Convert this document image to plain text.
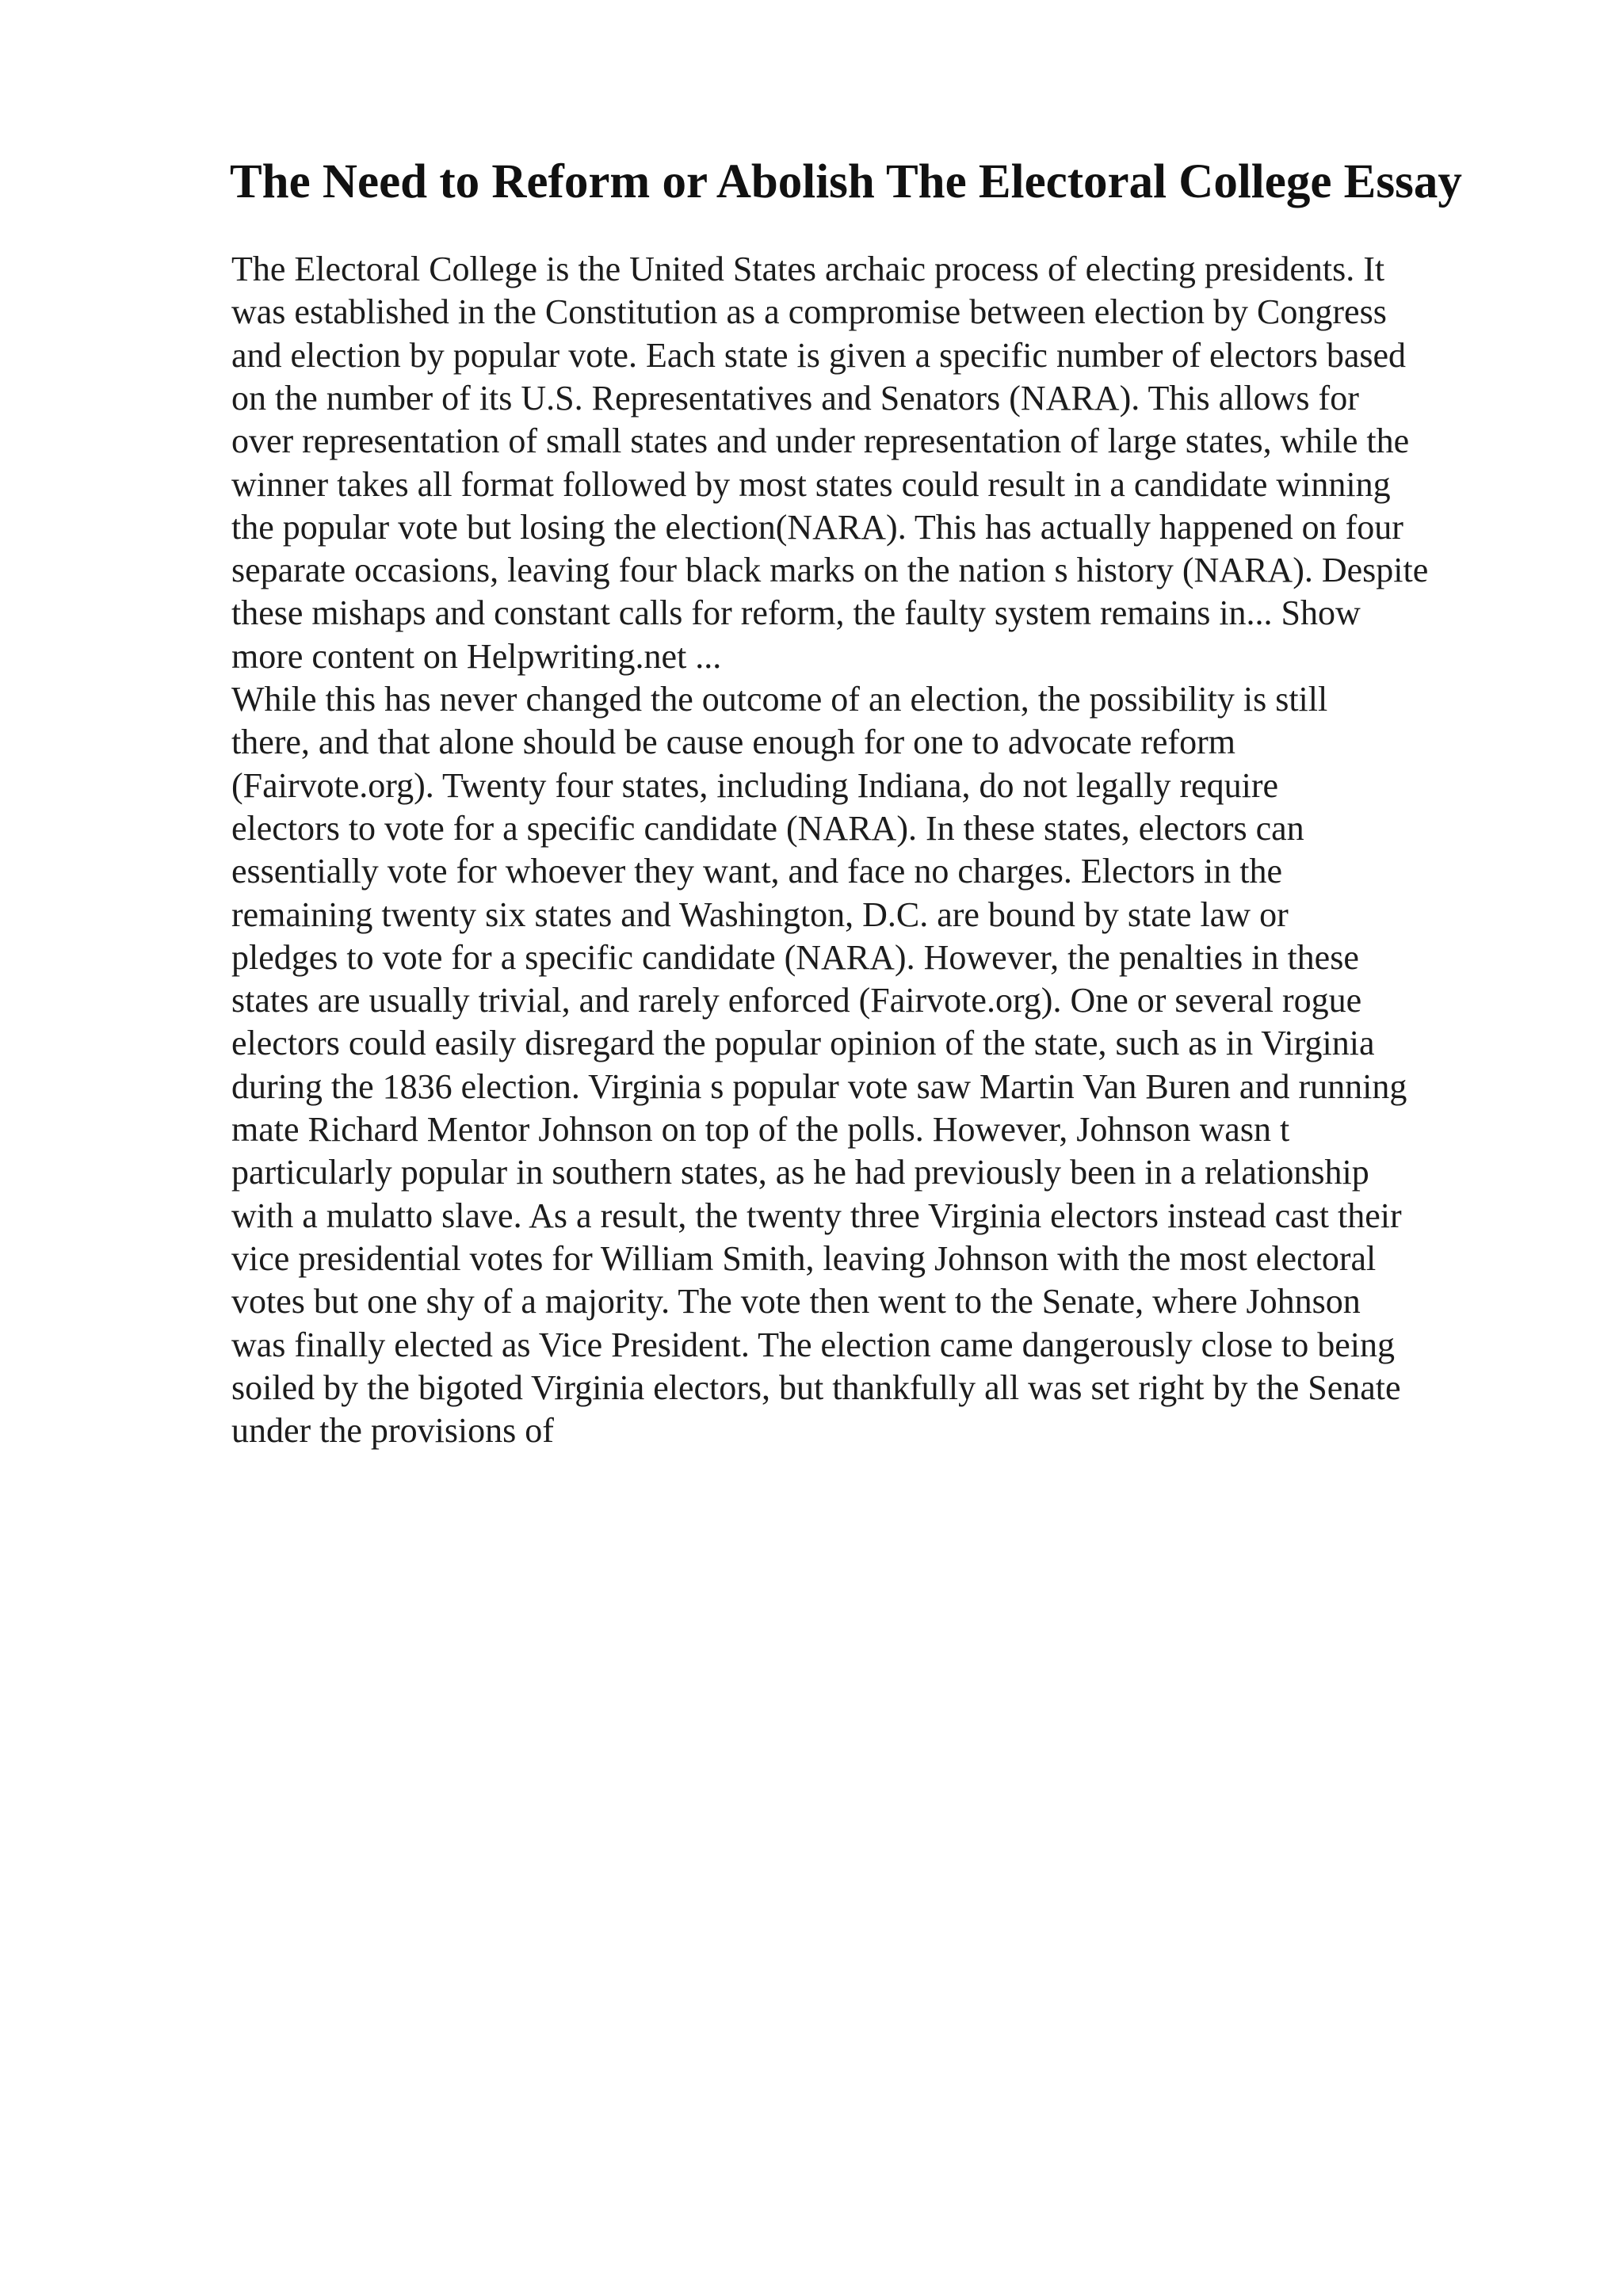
The Need to Reform or Abolish The Electoral College Essay

The Electoral College is the United States archaic process of electing presidents. It

was established in the Constitution as a compromise between election by Congress

and election by popular vote. Each state is given a specific number of electors based

on the number of its U.S. Representatives and Senators (NARA). This allows for

over representation of small states and under representation of large states, while the

winner takes all format followed by most states could result in a candidate winning

the popular vote but losing the election(NARA). This has actually happened on four

separate occasions, leaving four black marks on the nation s history (NARA). Despite

these mishaps and constant calls for reform, the faulty system remains in... Show

more content on Helpwriting.net ...

While this has never changed the outcome of an election, the possibility is still

there, and that alone should be cause enough for one to advocate reform

(Fairvote.org). Twenty four states, including Indiana, do not legally require

electors to vote for a specific candidate (NARA). In these states, electors can

essentially vote for whoever they want, and face no charges. Electors in the

remaining twenty six states and Washington, D.C. are bound by state law or

pledges to vote for a specific candidate (NARA). However, the penalties in these

states are usually trivial, and rarely enforced (Fairvote.org). One or several rogue

electors could easily disregard the popular opinion of the state, such as in Virginia

during the 1836 election. Virginia s popular vote saw Martin Van Buren and running

mate Richard Mentor Johnson on top of the polls. However, Johnson wasn t

particularly popular in southern states, as he had previously been in a relationship

with a mulatto slave. As a result, the twenty three Virginia electors instead cast their

vice presidential votes for William Smith, leaving Johnson with the most electoral

votes but one shy of a majority. The vote then went to the Senate, where Johnson

was finally elected as Vice President. The election came dangerously close to being

soiled by the bigoted Virginia electors, but thankfully all was set right by the Senate

under the provisions of
